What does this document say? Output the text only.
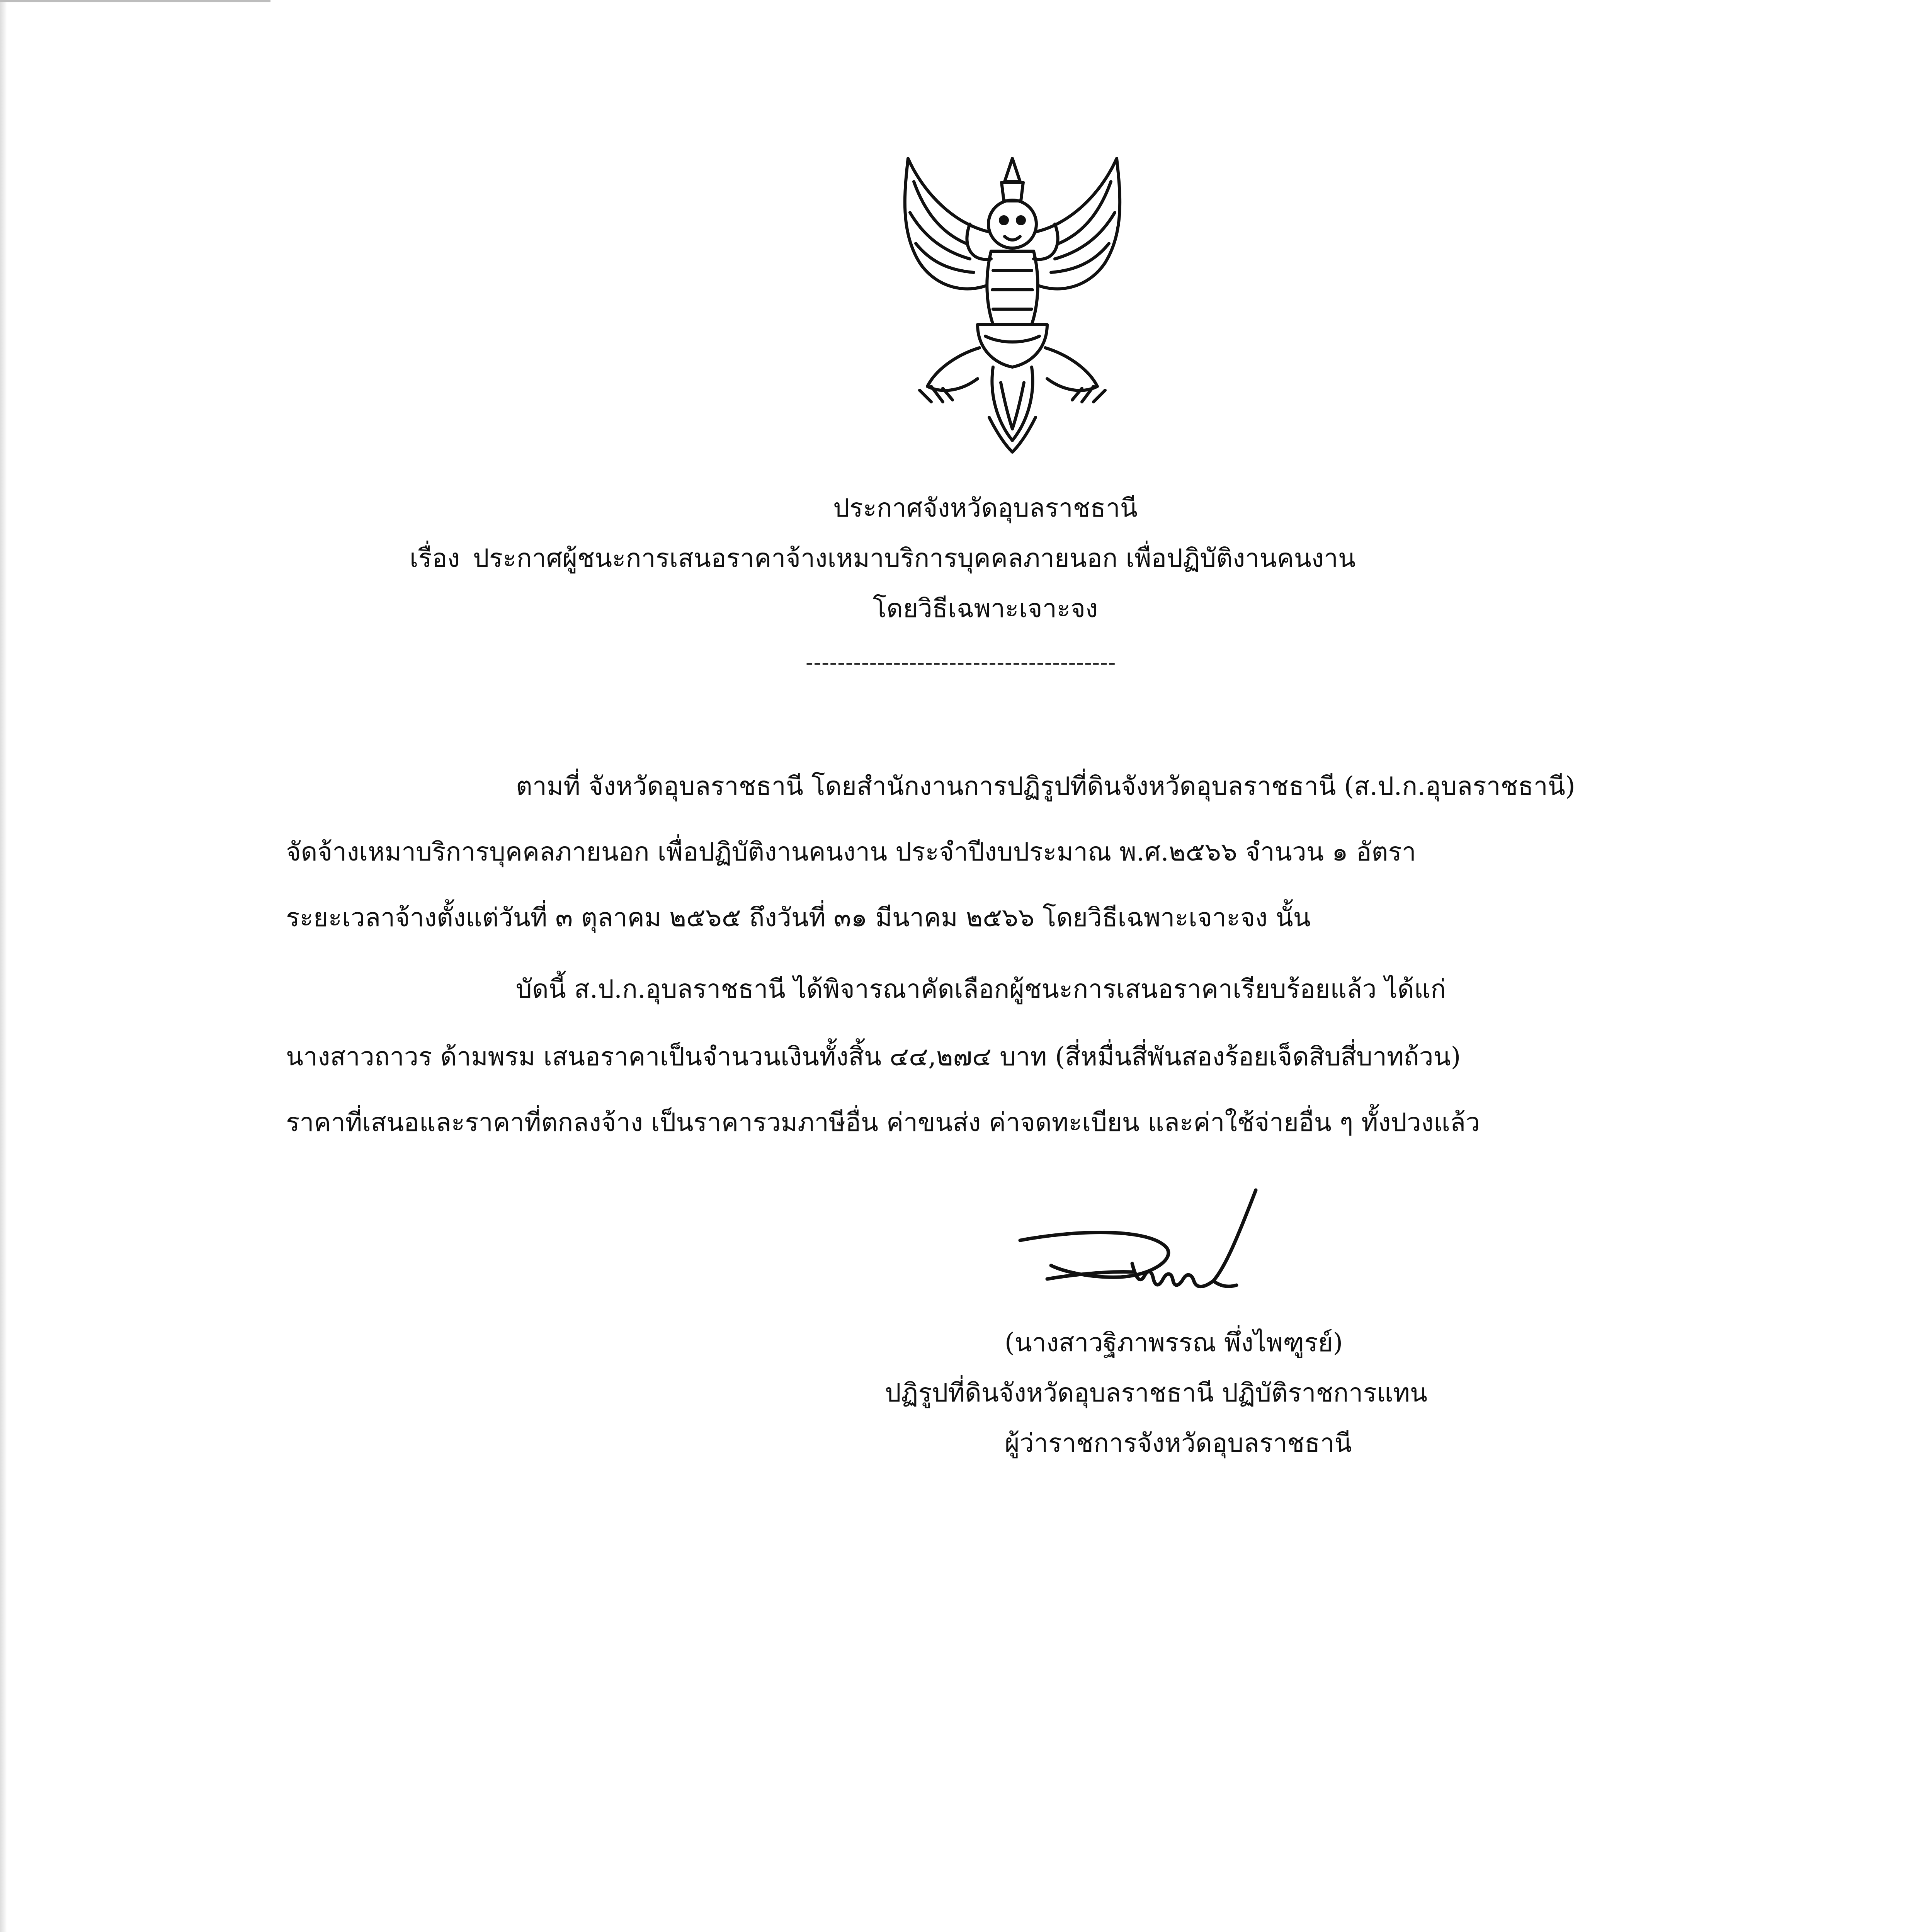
ประกาศจังหวัดอุบลราชธานี
เรื่อง ประกาศผู้ชนะการเสนอราคาจ้างเหมาบริการบุคคลภายนอก เพื่อปฏิบัติงานคนงาน
โดยวิธีเฉพาะเจาะจง
---------------------------------------
ตามที่ จังหวัดอุบลราชธานี โดยสำนักงานการปฏิรูปที่ดินจังหวัดอุบลราชธานี (ส.ป.ก.อุบลราชธานี)
จัดจ้างเหมาบริการบุคคลภายนอก เพื่อปฏิบัติงานคนงาน ประจำปีงบประมาณ พ.ศ.๒๕๖๖ จำนวน ๑ อัตรา
ระยะเวลาจ้างตั้งแต่วันที่ ๓ ตุลาคม ๒๕๖๕ ถึงวันที่ ๓๑ มีนาคม ๒๕๖๖ โดยวิธีเฉพาะเจาะจง นั้น
บัดนี้ ส.ป.ก.อุบลราชธานี ได้พิจารณาคัดเลือกผู้ชนะการเสนอราคาเรียบร้อยแล้ว ได้แก่
นางสาวถาวร ด้ามพรม เสนอราคาเป็นจำนวนเงินทั้งสิ้น ๔๔,๒๗๔ บาท (สี่หมื่นสี่พันสองร้อยเจ็ดสิบสี่บาทถ้วน)
ราคาที่เสนอและราคาที่ตกลงจ้าง เป็นราคารวมภาษีอื่น ค่าขนส่ง ค่าจดทะเบียน และค่าใช้จ่ายอื่น ๆ ทั้งปวงแล้ว
(นางสาวฐิภาพรรณ พึ่งไพฑูรย์)
ปฏิรูปที่ดินจังหวัดอุบลราชธานี ปฏิบัติราชการแทน
ผู้ว่าราชการจังหวัดอุบลราชธานี
